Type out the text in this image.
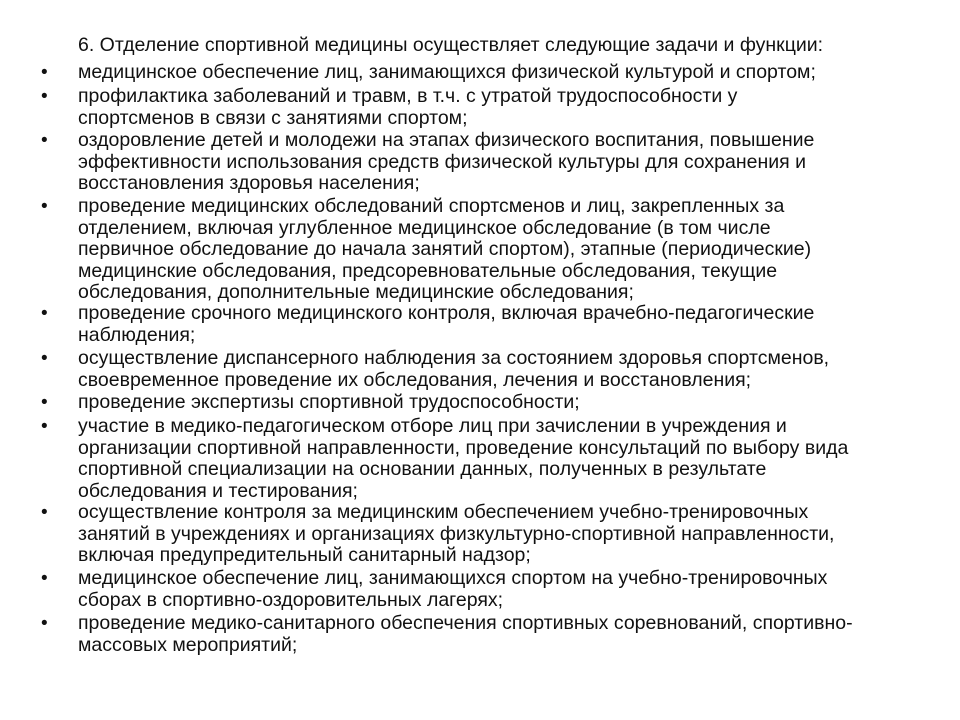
6. Отделение спортивной медицины осуществляет следующие задачи и функции:
• медицинское обеспечение лиц, занимающихся физической культурой и спортом;
• профилактика заболеваний и травм, в т.ч. с утратой трудоспособности у
спортсменов в связи с занятиями спортом;
• оздоровление детей и молодежи на этапах физического воспитания, повышение
эффективности использования средств физической культуры для сохранения и
восстановления здоровья населения;
• проведение медицинских обследований спортсменов и лиц, закрепленных за
отделением, включая углубленное медицинское обследование (в том числе
первичное обследование до начала занятий спортом), этапные (периодические)
медицинские обследования, предсоревновательные обследования, текущие
обследования, дополнительные медицинские обследования;
• проведение срочного медицинского контроля, включая врачебно-педагогические
наблюдения;
• осуществление диспансерного наблюдения за состоянием здоровья спортсменов,
своевременное проведение их обследования, лечения и восстановления;
• проведение экспертизы спортивной трудоспособности;
• участие в медико-педагогическом отборе лиц при зачислении в учреждения и
организации спортивной направленности, проведение консультаций по выбору вида
спортивной специализации на основании данных, полученных в результате
обследования и тестирования;
• осуществление контроля за медицинским обеспечением учебно-тренировочных
занятий в учреждениях и организациях физкультурно-спортивной направленности,
включая предупредительный санитарный надзор;
• медицинское обеспечение лиц, занимающихся спортом на учебно-тренировочных
сборах в спортивно-оздоровительных лагерях;
• проведение медико-санитарного обеспечения спортивных соревнований, спортивно-
массовых мероприятий;
